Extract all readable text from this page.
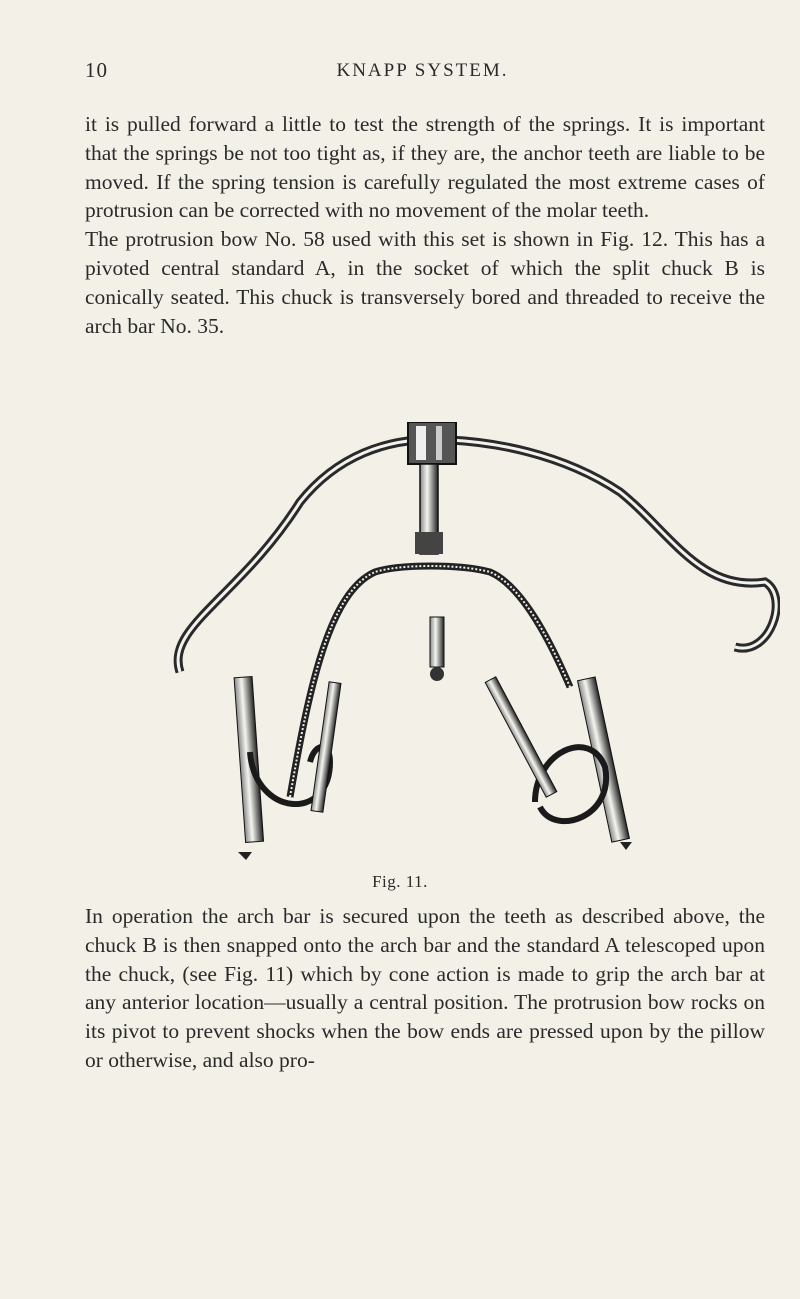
10	KNAPP SYSTEM.

it is pulled forward a little to test the strength of the springs. It is important that the springs be not too tight as, if they are, the anchor teeth are liable to be moved. If the spring tension is carefully regulated the most extreme cases of protrusion can be corrected with no movement of the molar teeth.

The protrusion bow No. 58 used with this set is shown in Fig. 12. This has a pivoted central standard A, in the socket of which the split chuck B is conically seated. This chuck is transversely bored and threaded to receive the arch bar No. 35.

Fig. 11.

In operation the arch bar is secured upon the teeth as described above, the chuck B is then snapped onto the arch bar and the standard A telescoped upon the chuck, (see Fig. 11) which by cone action is made to grip the arch bar at any anterior location—usually a central position. The protrusion bow rocks on its pivot to prevent shocks when the bow ends are pressed upon by the pillow or otherwise, and also pro-
